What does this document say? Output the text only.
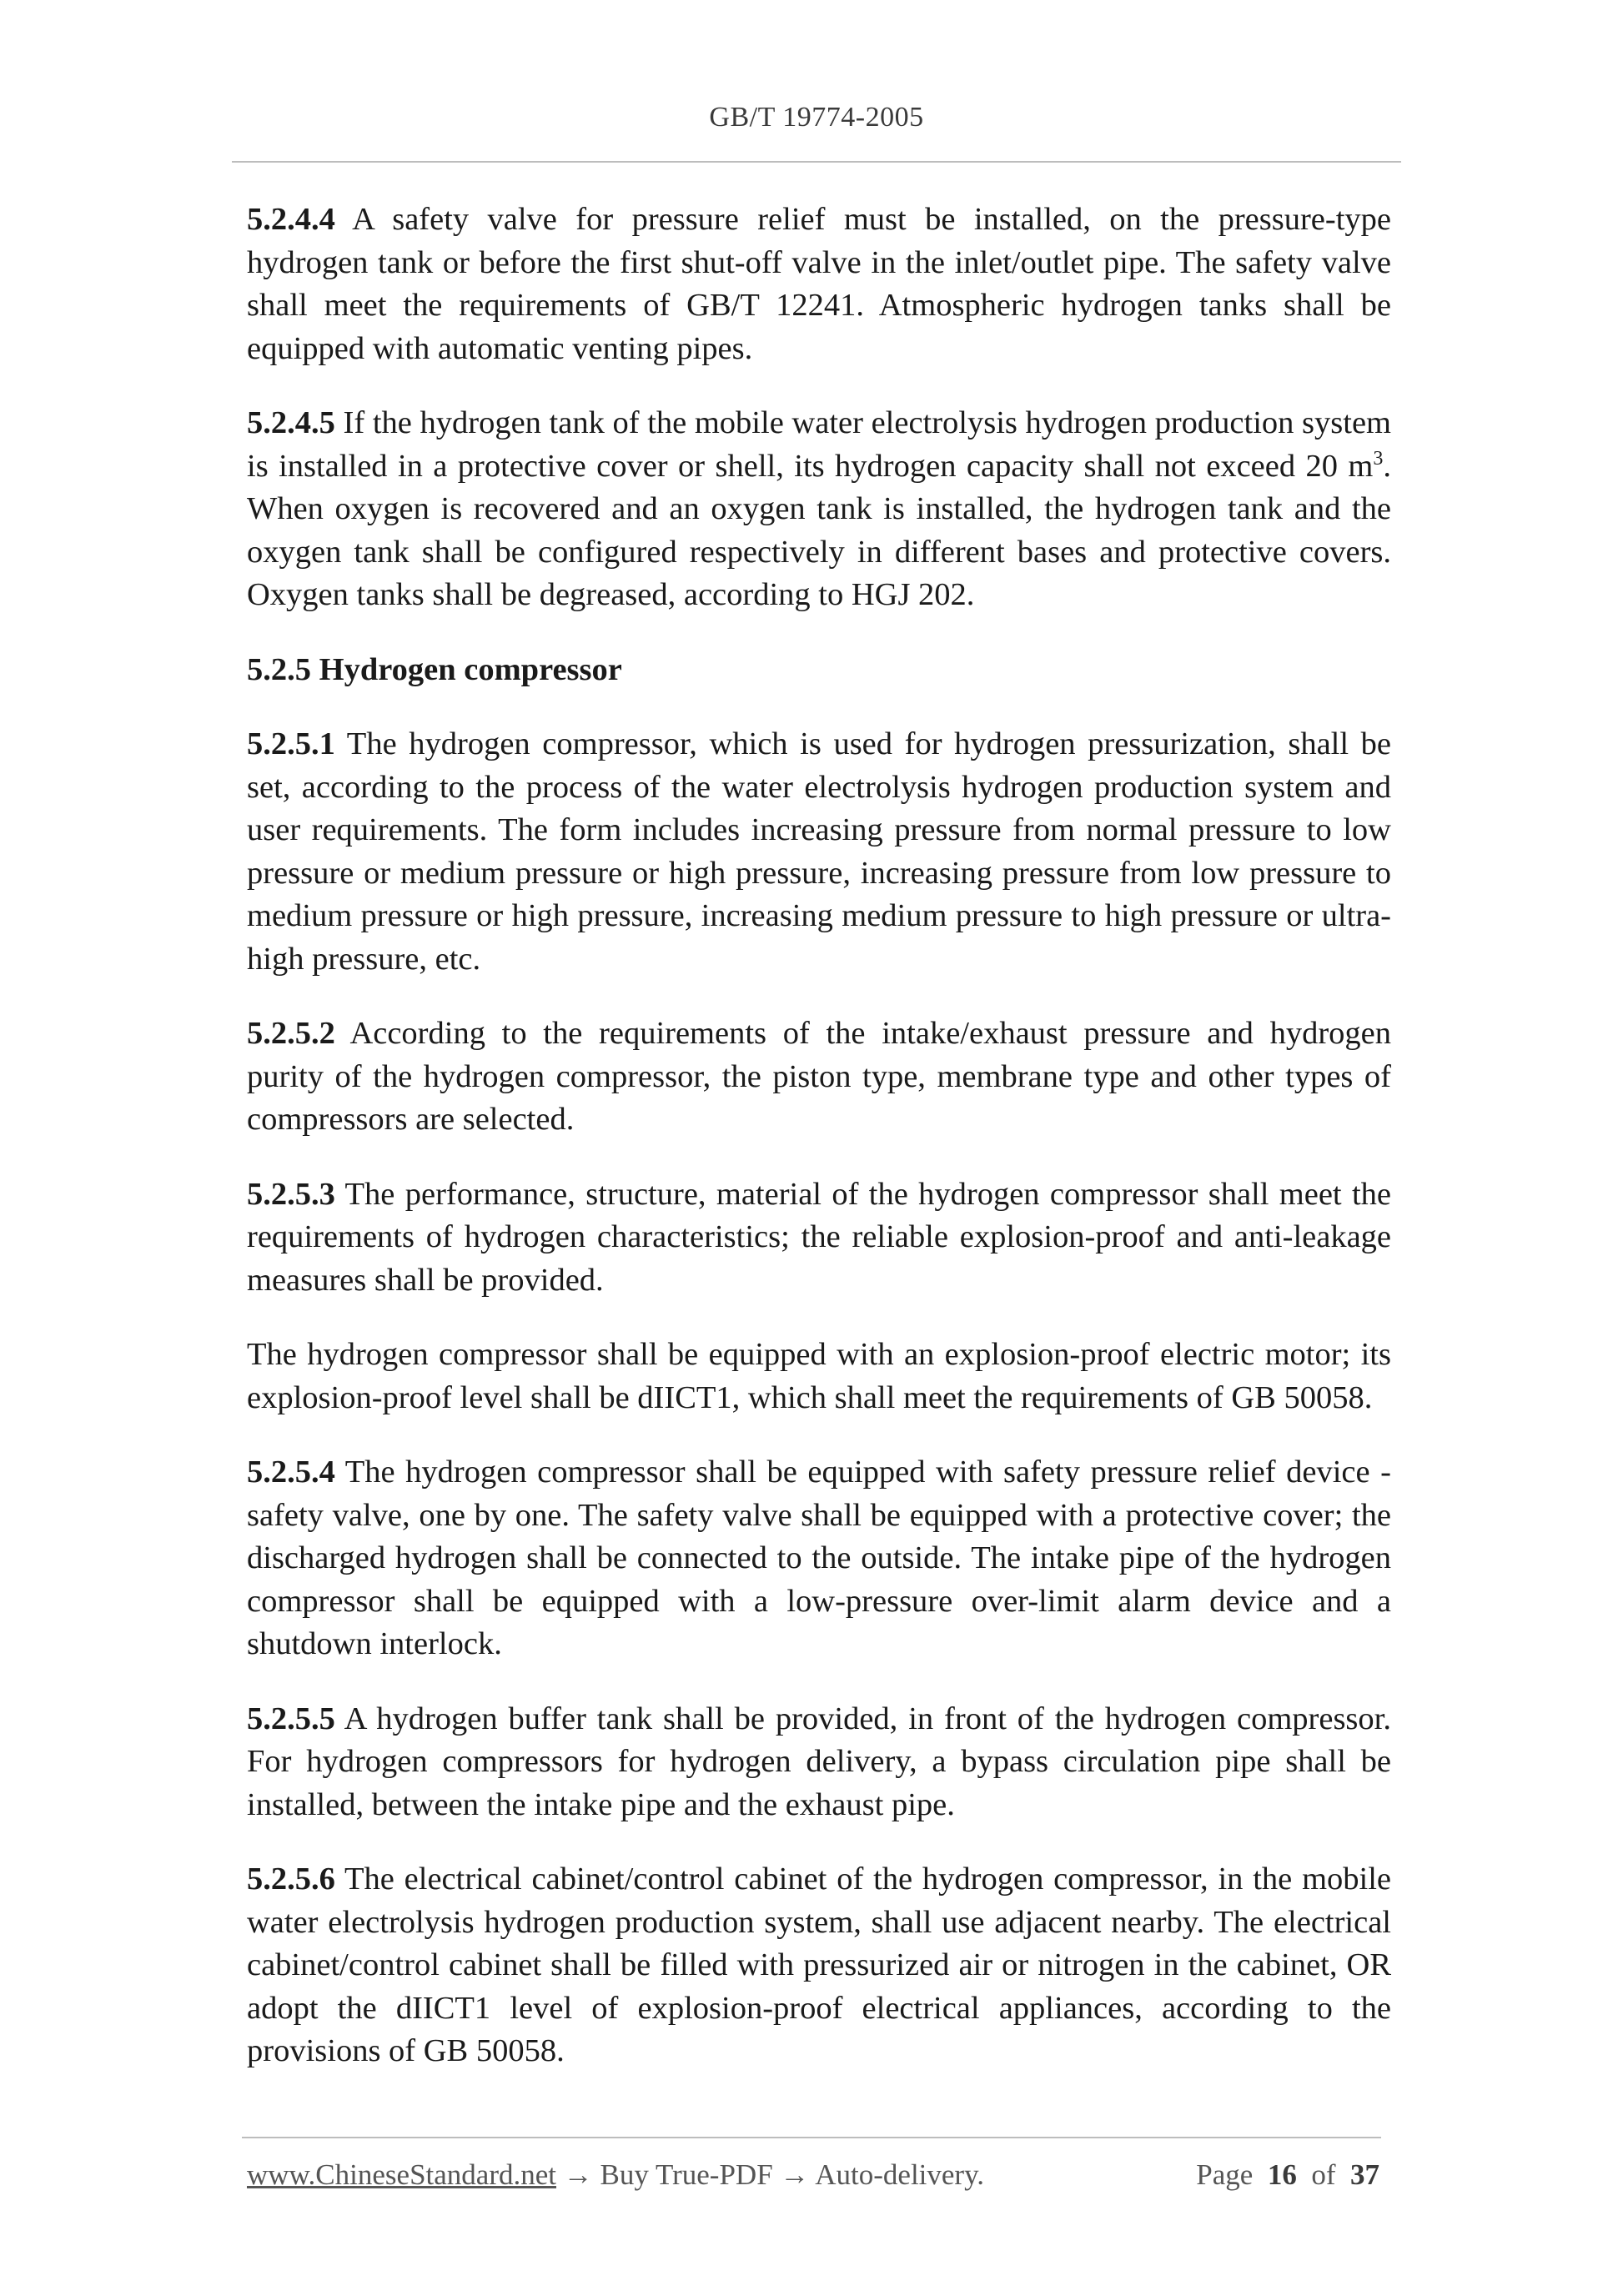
GB/T 19774-2005

5.2.4.4 A safety valve for pressure relief must be installed, on the pressure-type hydrogen tank or before the first shut-off valve in the inlet/outlet pipe. The safety valve shall meet the requirements of GB/T 12241. Atmospheric hydrogen tanks shall be equipped with automatic venting pipes.

5.2.4.5 If the hydrogen tank of the mobile water electrolysis hydrogen production system is installed in a protective cover or shell, its hydrogen capacity shall not exceed 20 $m^3$. When oxygen is recovered and an oxygen tank is installed, the hydrogen tank and the oxygen tank shall be configured respectively in different bases and protective covers. Oxygen tanks shall be degreased, according to HGJ 202.

5.2.5 Hydrogen compressor

5.2.5.1 The hydrogen compressor, which is used for hydrogen pressurization, shall be set, according to the process of the water electrolysis hydrogen production system and user requirements. The form includes increasing pressure from normal pressure to low pressure or medium pressure or high pressure, increasing pressure from low pressure to medium pressure or high pressure, increasing medium pressure to high pressure or ultra-high pressure, etc.

5.2.5.2 According to the requirements of the intake/exhaust pressure and hydrogen purity of the hydrogen compressor, the piston type, membrane type and other types of compressors are selected.

5.2.5.3 The performance, structure, material of the hydrogen compressor shall meet the requirements of hydrogen characteristics; the reliable explosion-proof and anti-leakage measures shall be provided.

The hydrogen compressor shall be equipped with an explosion-proof electric motor; its explosion-proof level shall be dIICT1, which shall meet the requirements of GB 50058.

5.2.5.4 The hydrogen compressor shall be equipped with safety pressure relief device - safety valve, one by one. The safety valve shall be equipped with a protective cover; the discharged hydrogen shall be connected to the outside. The intake pipe of the hydrogen compressor shall be equipped with a low-pressure over-limit alarm device and a shutdown interlock.

5.2.5.5 A hydrogen buffer tank shall be provided, in front of the hydrogen compressor. For hydrogen compressors for hydrogen delivery, a bypass circulation pipe shall be installed, between the intake pipe and the exhaust pipe.

5.2.5.6 The electrical cabinet/control cabinet of the hydrogen compressor, in the mobile water electrolysis hydrogen production system, shall use adjacent nearby. The electrical cabinet/control cabinet shall be filled with pressurized air or nitrogen in the cabinet, OR adopt the dIICT1 level of explosion-proof electrical appliances, according to the provisions of GB 50058.

www.ChineseStandard.net → Buy True-PDF → Auto-delivery.	Page 16 of 37
